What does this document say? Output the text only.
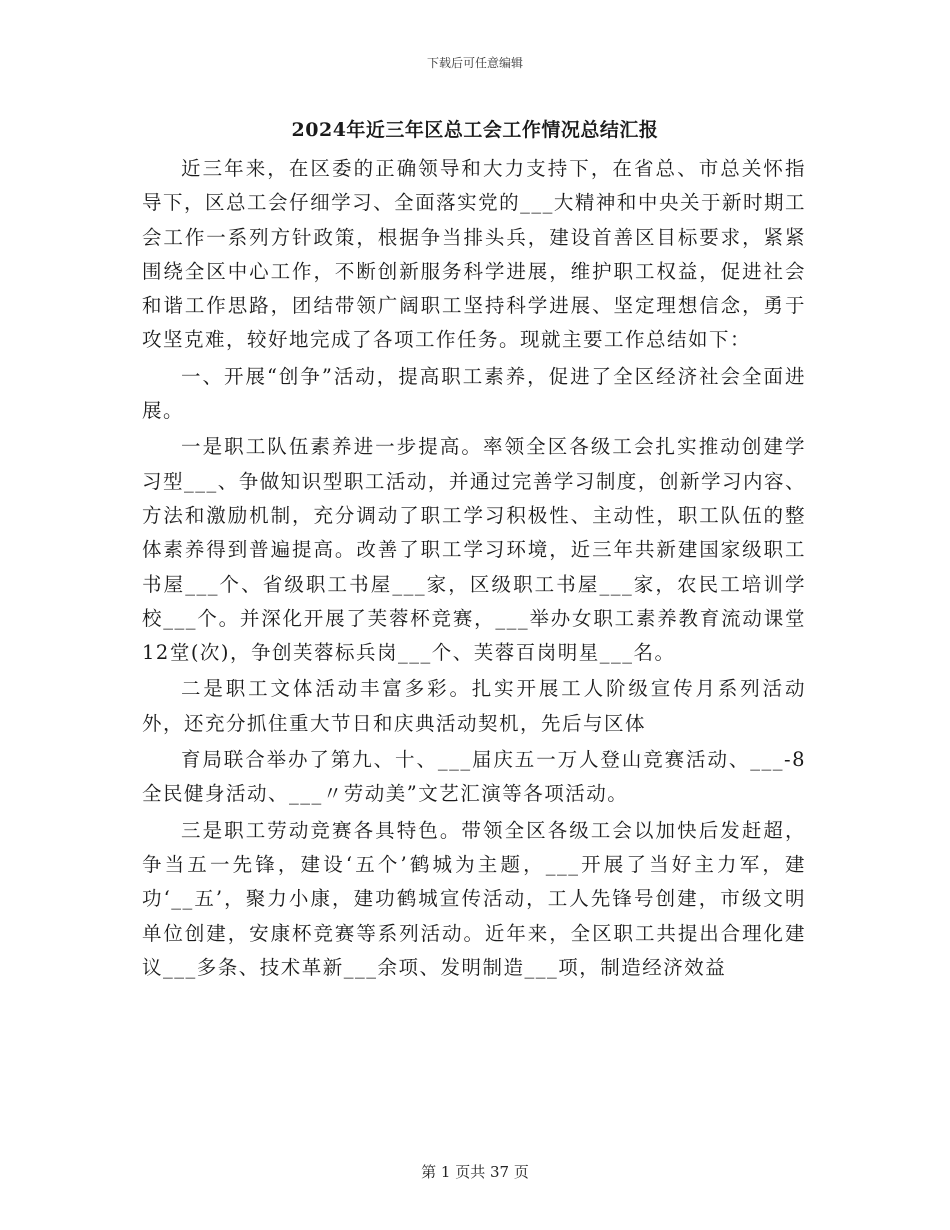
下载后可任意编辑
2024年近三年区总工会工作情况总结汇报

近三年来，在区委的正确领导和大力支持下，在省总、市总关怀指导下，区总工会仔细学习、全面落实党的___大精神和中央关于新时期工会工作一系列方针政策，根据争当排头兵，建设首善区目标要求，紧紧围绕全区中心工作，不断创新服务科学进展，维护职工权益，促进社会和谐工作思路，团结带领广阔职工坚持科学进展、坚定理想信念，勇于攻坚克难，较好地完成了各项工作任务。现就主要工作总结如下：

一、开展“创争”活动，提高职工素养，促进了全区经济社会全面进展。

一是职工队伍素养进一步提高。率领全区各级工会扎实推动创建学习型___、争做知识型职工活动，并通过完善学习制度，创新学习内容、方法和激励机制，充分调动了职工学习积极性、主动性，职工队伍的整体素养得到普遍提高。改善了职工学习环境，近三年共新建国家级职工书屋___个、省级职工书屋___家，区级职工书屋___家，农民工培训学校___个。并深化开展了芙蓉杯竞赛，___举办女职工素养教育流动课堂12堂(次)，争创芙蓉标兵岗___个、芙蓉百岗明星___名。

二是职工文体活动丰富多彩。扎实开展工人阶级宣传月系列活动外，还充分抓住重大节日和庆典活动契机，先后与区体

育局联合举办了第九、十、___届庆五一万人登山竞赛活动、___-8全民健身活动、___〃劳动美”文艺汇演等各项活动。

三是职工劳动竞赛各具特色。带领全区各级工会以加快后发赶超，争当五一先锋，建设‘五个’鹤城为主题，___开展了当好主力军，建功‘__五’，聚力小康，建功鹤城宣传活动，工人先锋号创建，市级文明单位创建，安康杯竞赛等系列活动。近年来，全区职工共提出合理化建议___多条、技术革新___余项、发明制造___项，制造经济效益

第 1 页共 37 页
